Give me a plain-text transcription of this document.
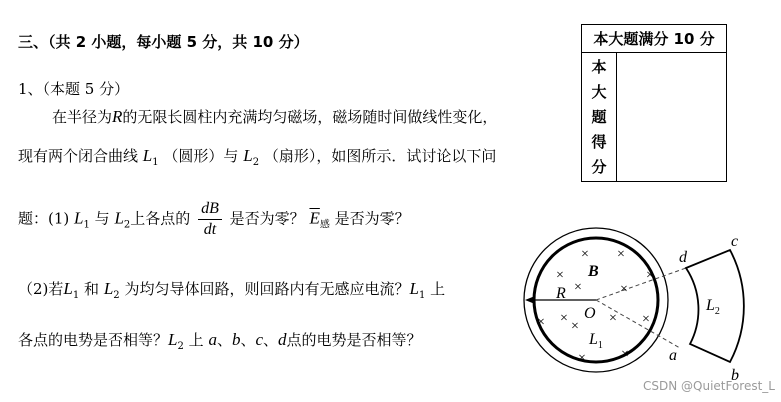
三、（共 2 小题，每小题 5 分，共 10 分）	本大题满分 10 分

本
大
题
得
分

1、（本题 5 分）
在半径为R的无限长圆柱内充满均匀磁场，磁场随时间做线性变化，
现有两个闭合曲线 $L_1$ （圆形）与 $L_2$ （扇形），如图所示．试讨论以下问
题：(1) $L_1$ 与 $L_2$上各点的 $\frac{dB}{dt}$ 是否为零？ $\overline{E}_感$ 是否为零？
（2)若$L_1$ 和 $L_2$ 为均匀导体回路，则回路内有无感应电流？$L_1$ 上
各点的电势是否相等？$L_2$ 上 a、b、c、d点的电势是否相等？
× ×
×
×	×
×
× ×	×
×	×
×	×
B
R
O
$L_1$
$L_2$
d
c
a
b
CSDN @QuietForest_L
